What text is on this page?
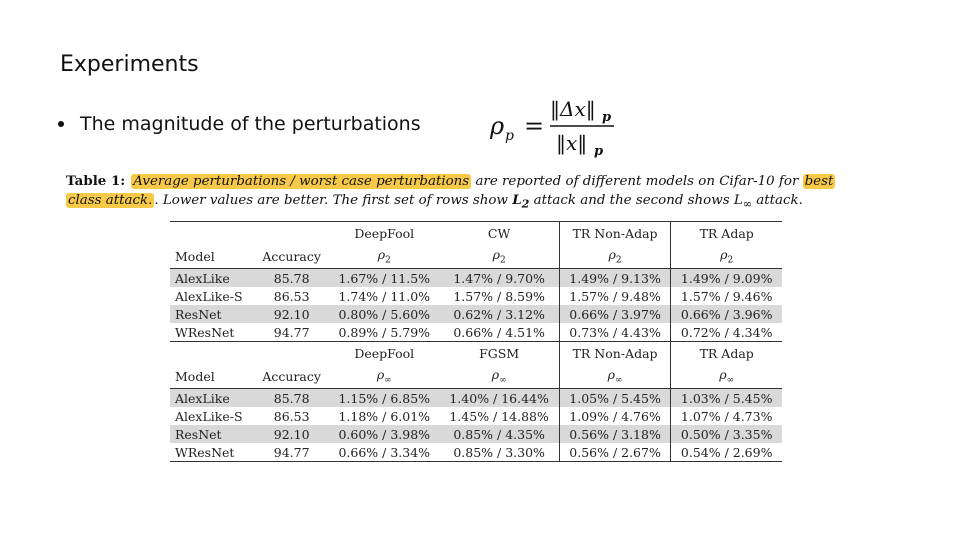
Experiments
The magnitude of the perturbations	ρ p =
‖Δx‖ p
‖x‖ p
Table 1: Average perturbations / worst case perturbations are reported of different models on Cifar-10 for best
class attack. . Lower values are better. The first set of rows show $L_2$ attack and the second shows $L_\infty$ attack.
		DeepFool	CW	TR Non-Adap	TR Adap
Model	Accuracy	$\rho_2$	$\rho_2$	$\rho_2$	$\rho_2$
AlexLike	85.78	1.67% / 11.5%	1.47% / 9.70%	1.49% / 9.13%	1.49% / 9.09%
AlexLike-S	86.53	1.74% / 11.0%	1.57% / 8.59%	1.57% / 9.48%	1.57% / 9.46%
ResNet	92.10	0.80% / 5.60%	0.62% / 3.12%	0.66% / 3.97%	0.66% / 3.96%
WResNet	94.77	0.89% / 5.79%	0.66% / 4.51%	0.73% / 4.43%	0.72% / 4.34%
		DeepFool	FGSM	TR Non-Adap	TR Adap
Model	Accuracy	$\rho_\infty$	$\rho_\infty$	$\rho_\infty$	$\rho_\infty$
AlexLike	85.78	1.15% / 6.85%	1.40% / 16.44%	1.05% / 5.45%	1.03% / 5.45%
AlexLike-S	86.53	1.18% / 6.01%	1.45% / 14.88%	1.09% / 4.76%	1.07% / 4.73%
ResNet	92.10	0.60% / 3.98%	0.85% / 4.35%	0.56% / 3.18%	0.50% / 3.35%
WResNet	94.77	0.66% / 3.34%	0.85% / 3.30%	0.56% / 2.67%	0.54% / 2.69%
